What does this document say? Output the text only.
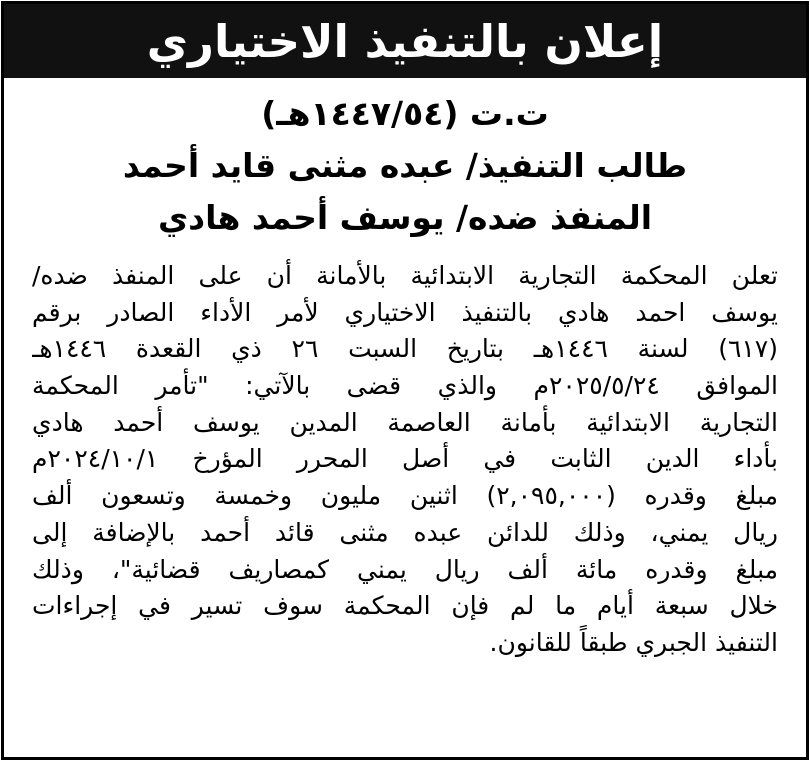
إعلان بالتنفيذ الاختياري
ت.ت (١٤٤٧/٥٤هـ)
طالب التنفيذ/ عبده مثنى قايد أحمد
المنفذ ضده/ يوسف أحمد هادي
تعلن المحكمة التجارية الابتدائية بالأمانة أن على المنفذ ضده/
يوسف احمد هادي بالتنفيذ الاختياري لأمر الأداء الصادر برقم
(٦١٧) لسنة ١٤٤٦هـ بتاريخ السبت ٢٦ ذي القعدة ١٤٤٦هـ
الموافق ٢٠٢٥/٥/٢٤م والذي قضى بالآتي: "تأمر المحكمة
التجارية الابتدائية بأمانة العاصمة المدين يوسف أحمد هادي
بأداء الدين الثابت في أصل المحرر المؤرخ ٢٠٢٤/١٠/١م
مبلغ وقدره (٢,٠٩٥,٠٠٠) اثنين مليون وخمسة وتسعون ألف
ريال يمني، وذلك للدائن عبده مثنى قائد أحمد بالإضافة إلى
مبلغ وقدره مائة ألف ريال يمني كمصاريف قضائية"، وذلك
خلال سبعة أيام ما لم فإن المحكمة سوف تسير في إجراءات
التنفيذ الجبري طبقاً للقانون.
